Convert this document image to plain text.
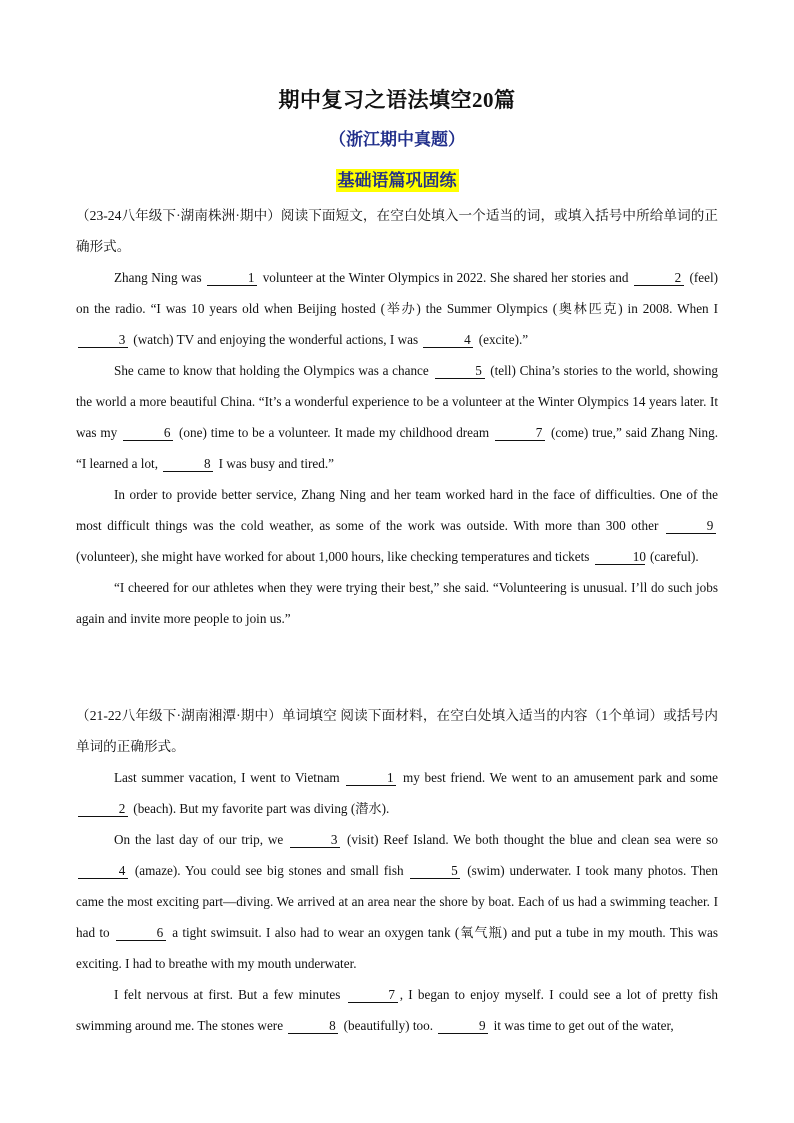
期中复习之语法填空20篇
（浙江期中真题）
基础语篇巩固练

（23-24八年级下·湖南株洲·期中）阅读下面短文，在空白处填入一个适当的词，或填入括号中所给单词的正确形式。

Zhang Ning was	1 volunteer at the Winter Olympics in 2022. She shared her stories and	2 (feel) on the radio. “I was 10 years old when Beijing hosted (举办) the Summer Olympics (奥林匹克) in 2008. When I 3 (watch) TV and enjoying the wonderful actions, I was	4 (excite).”

She came to know that holding the Olympics was a chance	5 (tell) China’s stories to the world, showing the world a more beautiful China. “It’s a wonderful experience to be a volunteer at the Winter Olympics 14 years later. It was my	6 (one) time to be a volunteer. It made my childhood dream	7 (come) true,” said Zhang Ning. “I learned a lot,	8 I was busy and tired.”

In order to provide better service, Zhang Ning and her team worked hard in the face of difficulties. One of the most difficult things was the cold weather, as some of the work was outside. With more than 300 other	9 (volunteer), she might have worked for about 1,000 hours, like checking temperatures and tickets	10 (careful).

“I cheered for our athletes when they were trying their best,” she said. “Volunteering is unusual. I’ll do such jobs again and invite more people to join us.”

（21-22八年级下·湖南湘潭·期中）单词填空 阅读下面材料，在空白处填入适当的内容（1个单词）或括号内单词的正确形式。

Last summer vacation, I went to Vietnam	1 my best friend. We went to an amusement park and some 2 (beach). But my favorite part was diving (潜水).

On the last day of our trip, we	3 (visit) Reef Island. We both thought the blue and clean sea were so 4 (amaze). You could see big stones and small fish	5 (swim) underwater. I took many photos. Then came the most exciting part—diving. We arrived at an area near the shore by boat. Each of us had a swimming teacher. I had to	6 a tight swimsuit. I also had to wear an oxygen tank (氧气瓶) and put a tube in my mouth. This was exciting. I had to breathe with my mouth underwater.

I felt nervous at first. But a few minutes	7 , I began to enjoy myself. I could see a lot of pretty fish swimming around me. The stones were	8 (beautifully) too.	9 it was time to get out of the water,
